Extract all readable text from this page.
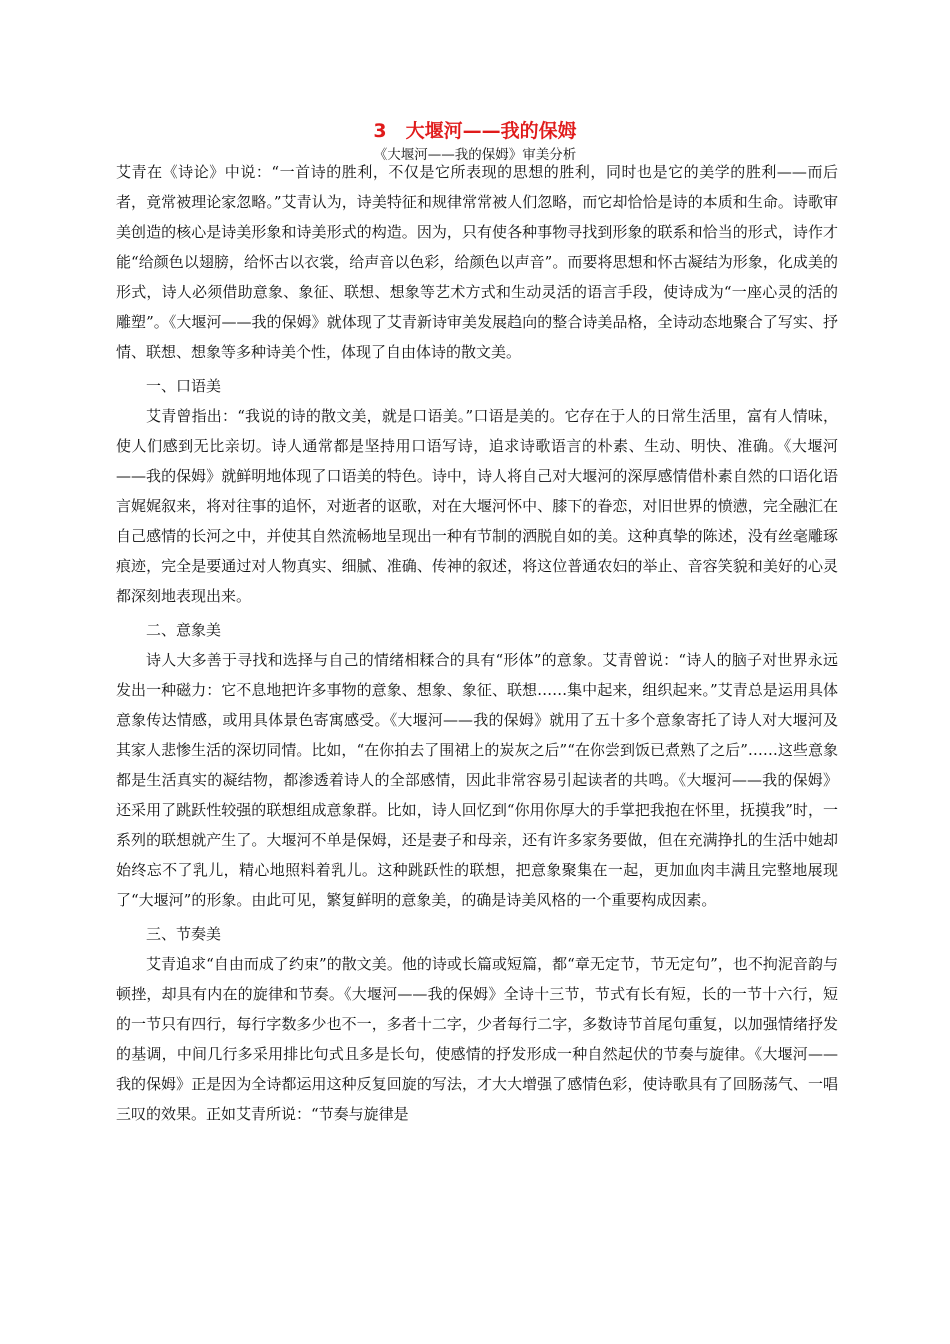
3　大堰河——我的保姆
《大堰河——我的保姆》审美分析

艾青在《诗论》中说：“一首诗的胜利，不仅是它所表现的思想的胜利，同时也是它的美学的胜利——而后者，竟常被理论家忽略。”艾青认为，诗美特征和规律常常被人们忽略，而它却恰恰是诗的本质和生命。诗歌审美创造的核心是诗美形象和诗美形式的构造。因为，只有使各种事物寻找到形象的联系和恰当的形式，诗作才能“给颜色以翅膀，给怀古以衣裳，给声音以色彩，给颜色以声音”。而要将思想和怀古凝结为形象，化成美的形式，诗人必须借助意象、象征、联想、想象等艺术方式和生动灵活的语言手段，使诗成为“一座心灵的活的雕塑”。《大堰河——我的保姆》就体现了艾青新诗审美发展趋向的整合诗美品格，全诗动态地聚合了写实、抒情、联想、想象等多种诗美个性，体现了自由体诗的散文美。

一、口语美

艾青曾指出：“我说的诗的散文美，就是口语美。”口语是美的。它存在于人的日常生活里，富有人情味，使人们感到无比亲切。诗人通常都是坚持用口语写诗，追求诗歌语言的朴素、生动、明快、准确。《大堰河——我的保姆》就鲜明地体现了口语美的特色。诗中，诗人将自己对大堰河的深厚感情借朴素自然的口语化语言娓娓叙来，将对往事的追怀，对逝者的讴歌，对在大堰河怀中、膝下的眷恋，对旧世界的愤懑，完全融汇在自己感情的长河之中，并使其自然流畅地呈现出一种有节制的洒脱自如的美。这种真挚的陈述，没有丝毫雕琢痕迹，完全是要通过对人物真实、细腻、准确、传神的叙述，将这位普通农妇的举止、音容笑貌和美好的心灵都深刻地表现出来。

二、意象美

诗人大多善于寻找和选择与自己的情绪相糅合的具有“形体”的意象。艾青曾说：“诗人的脑子对世界永远发出一种磁力：它不息地把许多事物的意象、想象、象征、联想……集中起来，组织起来。”艾青总是运用具体意象传达情感，或用具体景色寄寓感受。《大堰河——我的保姆》就用了五十多个意象寄托了诗人对大堰河及其家人悲惨生活的深切同情。比如，“在你拍去了围裙上的炭灰之后”“在你尝到饭已煮熟了之后”……这些意象都是生活真实的凝结物，都渗透着诗人的全部感情，因此非常容易引起读者的共鸣。《大堰河——我的保姆》还采用了跳跃性较强的联想组成意象群。比如，诗人回忆到“你用你厚大的手掌把我抱在怀里，抚摸我”时，一系列的联想就产生了。大堰河不单是保姆，还是妻子和母亲，还有许多家务要做，但在充满挣扎的生活中她却始终忘不了乳儿，精心地照料着乳儿。这种跳跃性的联想，把意象聚集在一起，更加血肉丰满且完整地展现了“大堰河”的形象。由此可见，繁复鲜明的意象美，的确是诗美风格的一个重要构成因素。

三、节奏美

艾青追求“自由而成了约束”的散文美。他的诗或长篇或短篇，都“章无定节，节无定句”，也不拘泥音韵与顿挫，却具有内在的旋律和节奏。《大堰河——我的保姆》全诗十三节，节式有长有短，长的一节十六行，短的一节只有四行，每行字数多少也不一，多者十二字，少者每行二字，多数诗节首尾句重复，以加强情绪抒发的基调，中间几行多采用排比句式且多是长句，使感情的抒发形成一种自然起伏的节奏与旋律。《大堰河——我的保姆》正是因为全诗都运用这种反复回旋的写法，才大大增强了感情色彩，使诗歌具有了回肠荡气、一唱三叹的效果。正如艾青所说：“节奏与旋律是
